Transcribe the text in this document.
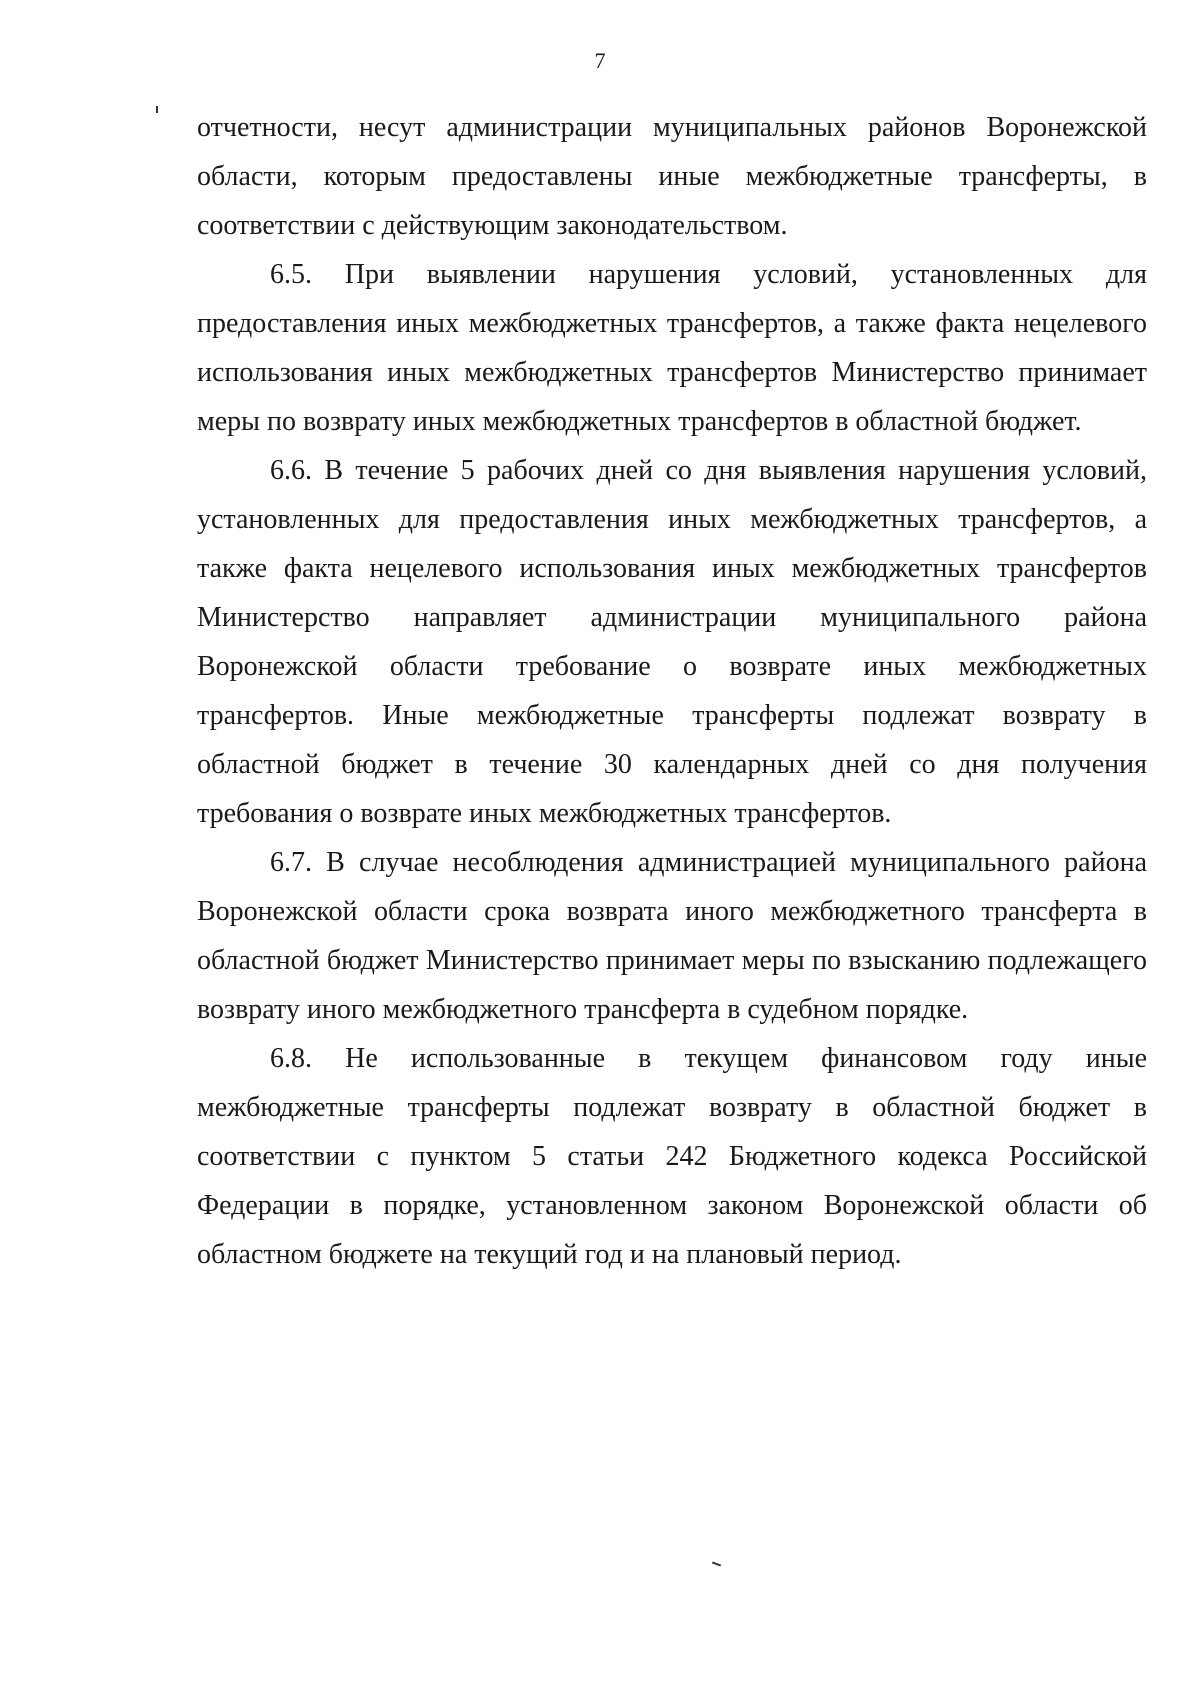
7

отчетности, несут администрации муниципальных районов Воронежской области, которым предоставлены иные межбюджетные трансферты, в соответствии с действующим законодательством.

6.5. При выявлении нарушения условий, установленных для предоставления иных межбюджетных трансфертов, а также факта нецелевого использования иных межбюджетных трансфертов Министерство принимает меры по возврату иных межбюджетных трансфертов в областной бюджет.

6.6. В течение 5 рабочих дней со дня выявления нарушения условий, установленных для предоставления иных межбюджетных трансфертов, а также факта нецелевого использования иных межбюджетных трансфертов Министерство направляет администрации муниципального района Воронежской области требование о возврате иных межбюджетных трансфертов. Иные межбюджетные трансферты подлежат возврату в областной бюджет в течение 30 календарных дней со дня получения требования о возврате иных межбюджетных трансфертов.

6.7. В случае несоблюдения администрацией муниципального района Воронежской области срока возврата иного межбюджетного трансферта в областной бюджет Министерство принимает меры по взысканию подлежащего возврату иного межбюджетного трансферта в судебном порядке.

6.8. Не использованные в текущем финансовом году иные межбюджетные трансферты подлежат возврату в областной бюджет в соответствии с пунктом 5 статьи 242 Бюджетного кодекса Российской Федерации в порядке, установленном законом Воронежской области об областном бюджете на текущий год и на плановый период.
